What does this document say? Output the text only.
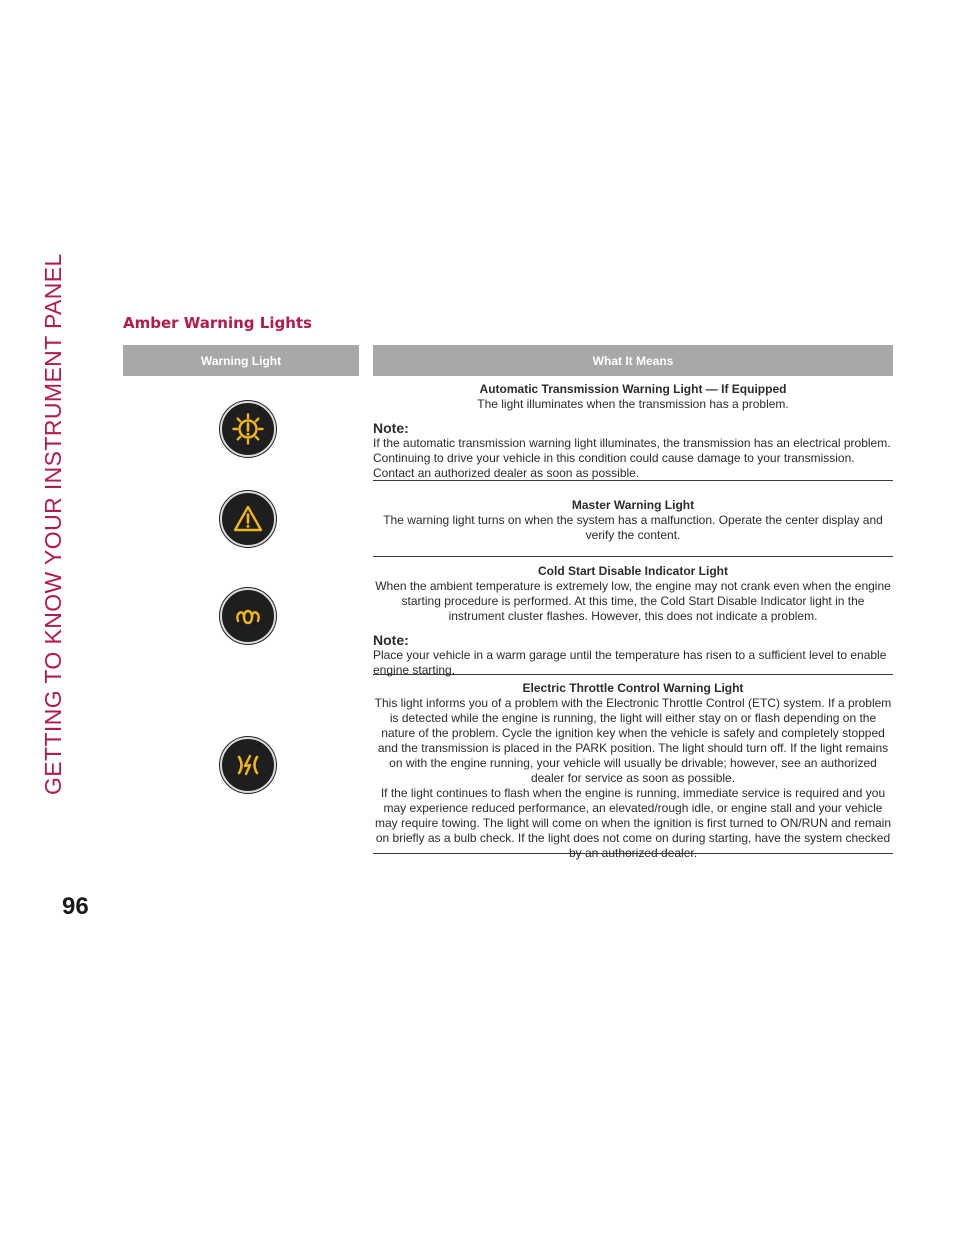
GETTING TO KNOW YOUR INSTRUMENT PANEL
96
Amber Warning Lights
Warning Light	What It Means
Automatic Transmission Warning Light — If Equipped
The light illuminates when the transmission has a problem.
Note:
If the automatic transmission warning light illuminates, the transmission has an electrical problem. Continuing to drive your vehicle in this condition could cause damage to your transmission. Contact an authorized dealer as soon as possible.
Master Warning Light
The warning light turns on when the system has a malfunction. Operate the center display and verify the content.
Cold Start Disable Indicator Light
When the ambient temperature is extremely low, the engine may not crank even when the engine starting procedure is performed. At this time, the Cold Start Disable Indicator light in the instrument cluster flashes. However, this does not indicate a problem.
Note:
Place your vehicle in a warm garage until the temperature has risen to a sufficient level to enable engine starting.
Electric Throttle Control Warning Light
This light informs you of a problem with the Electronic Throttle Control (ETC) system. If a problem is detected while the engine is running, the light will either stay on or flash depending on the nature of the problem. Cycle the ignition key when the vehicle is safely and completely stopped and the transmission is placed in the PARK position. The light should turn off. If the light remains on with the engine running, your vehicle will usually be drivable; however, see an authorized dealer for service as soon as possible.
If the light continues to flash when the engine is running, immediate service is required and you may experience reduced performance, an elevated/rough idle, or engine stall and your vehicle may require towing. The light will come on when the ignition is first turned to ON/RUN and remain on briefly as a bulb check. If the light does not come on during starting, have the system checked by an authorized dealer.
